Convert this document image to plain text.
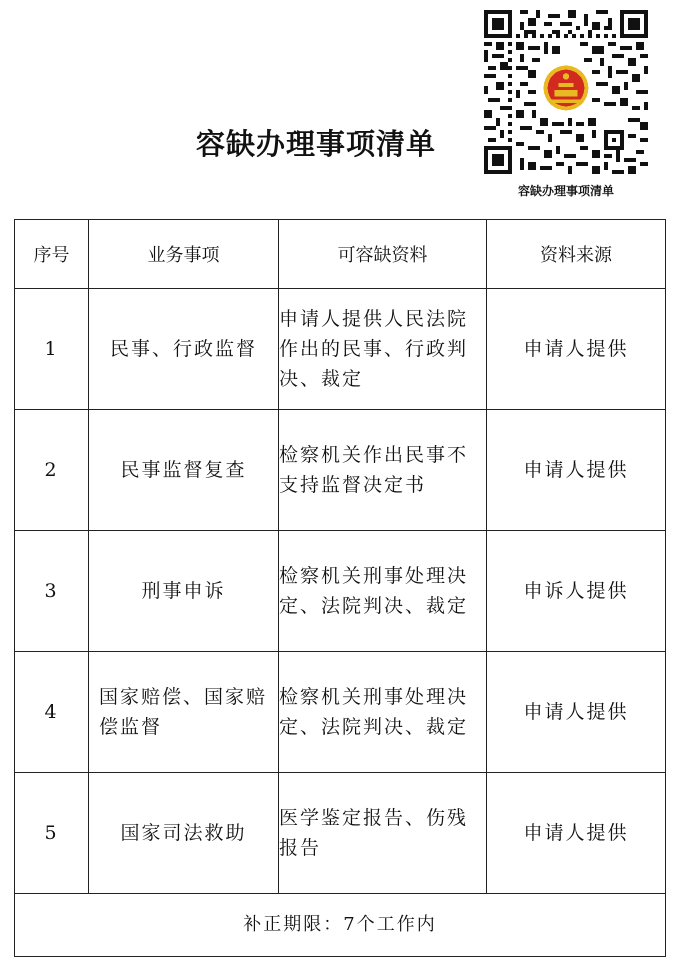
容缺办理事项清单
容缺办理事项清单
序号	业务事项	可容缺资料	资料来源
1	民事、行政监督	申请人提供人民法院作出的民事、行政判决、裁定	申请人提供
2	民事监督复查	检察机关作出民事不支持监督决定书	申请人提供
3	刑事申诉	检察机关刑事处理决定、法院判决、裁定	申诉人提供
4	国家赔偿、国家赔偿监督	检察机关刑事处理决定、法院判决、裁定	申请人提供
5	国家司法救助	医学鉴定报告、伤残报告	申请人提供
补正期限：7个工作内			
